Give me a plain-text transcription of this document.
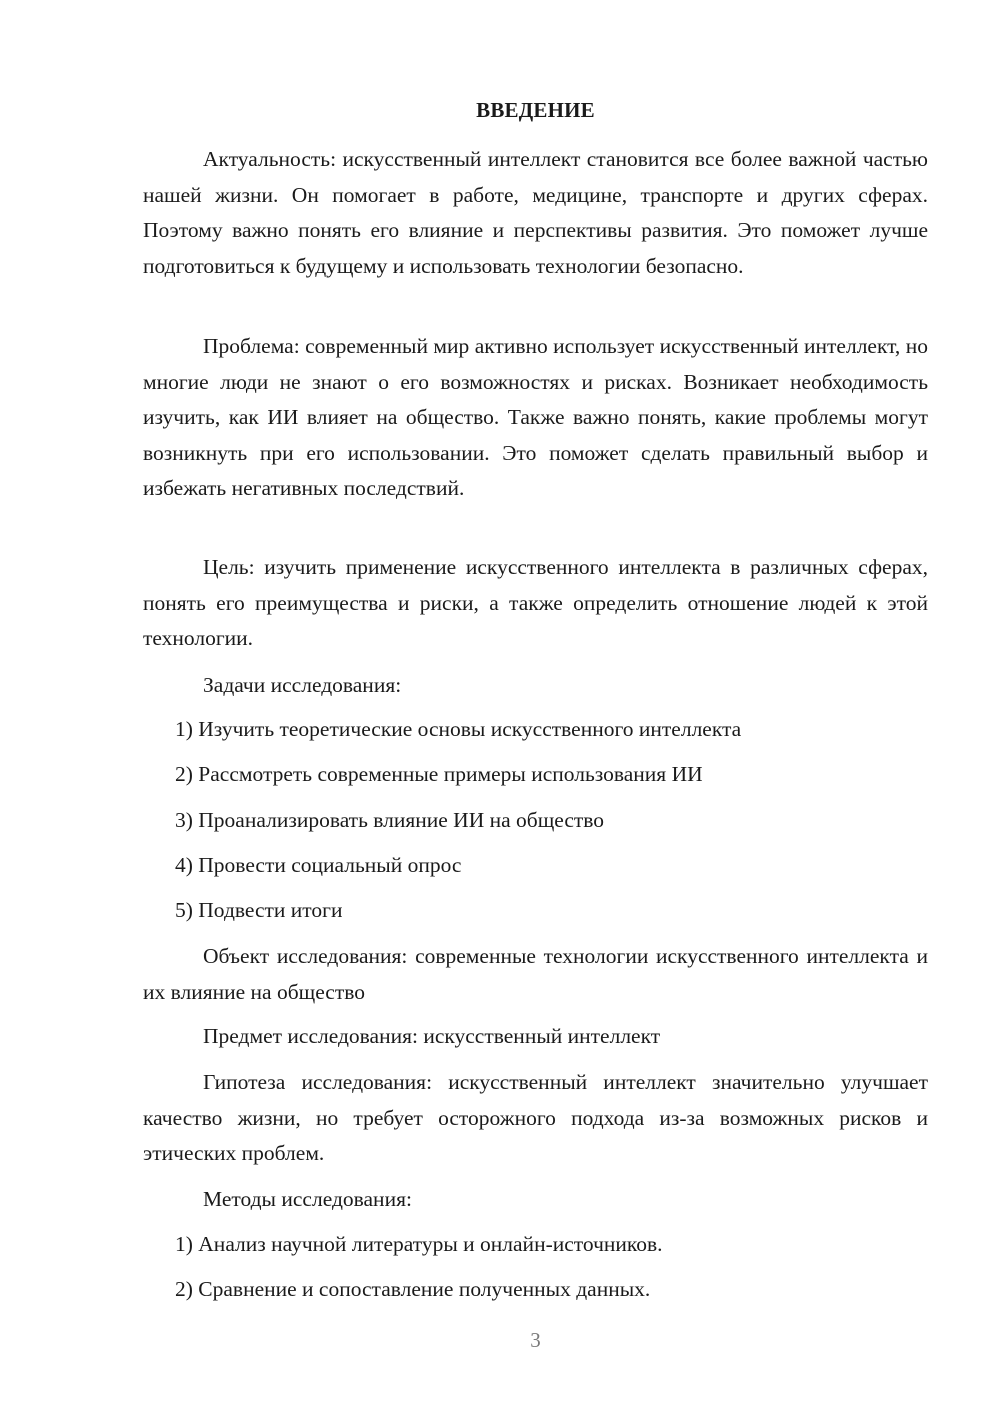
ВВЕДЕНИЕ

Актуальность: искусственный интеллект становится все более важной частью нашей жизни. Он помогает в работе, медицине, транспорте и других сферах. Поэтому важно понять его влияние и перспективы развития. Это поможет лучше подготовиться к будущему и использовать технологии безопасно.

Проблема: современный мир активно использует искусственный интеллект, но многие люди не знают о его возможностях и рисках. Возникает необходимость изучить, как ИИ влияет на общество. Также важно понять, какие проблемы могут возникнуть при его использовании. Это поможет сделать правильный выбор и избежать негативных последствий.

Цель: изучить применение искусственного интеллекта в различных сферах, понять его преимущества и риски, а также определить отношение людей к этой технологии.

Задачи исследования:

1) Изучить теоретические основы искусственного интеллекта

2) Рассмотреть современные примеры использования ИИ

3) Проанализировать влияние ИИ на общество

4) Провести социальный опрос

5) Подвести итоги

Объект исследования: современные технологии искусственного интеллекта и их влияние на общество

Предмет исследования: искусственный интеллект

Гипотеза исследования: искусственный интеллект значительно улучшает качество жизни, но требует осторожного подхода из-за возможных рисков и этических проблем.

Методы исследования:

1) Анализ научной литературы и онлайн-источников.

2) Сравнение и сопоставление полученных данных.

3
